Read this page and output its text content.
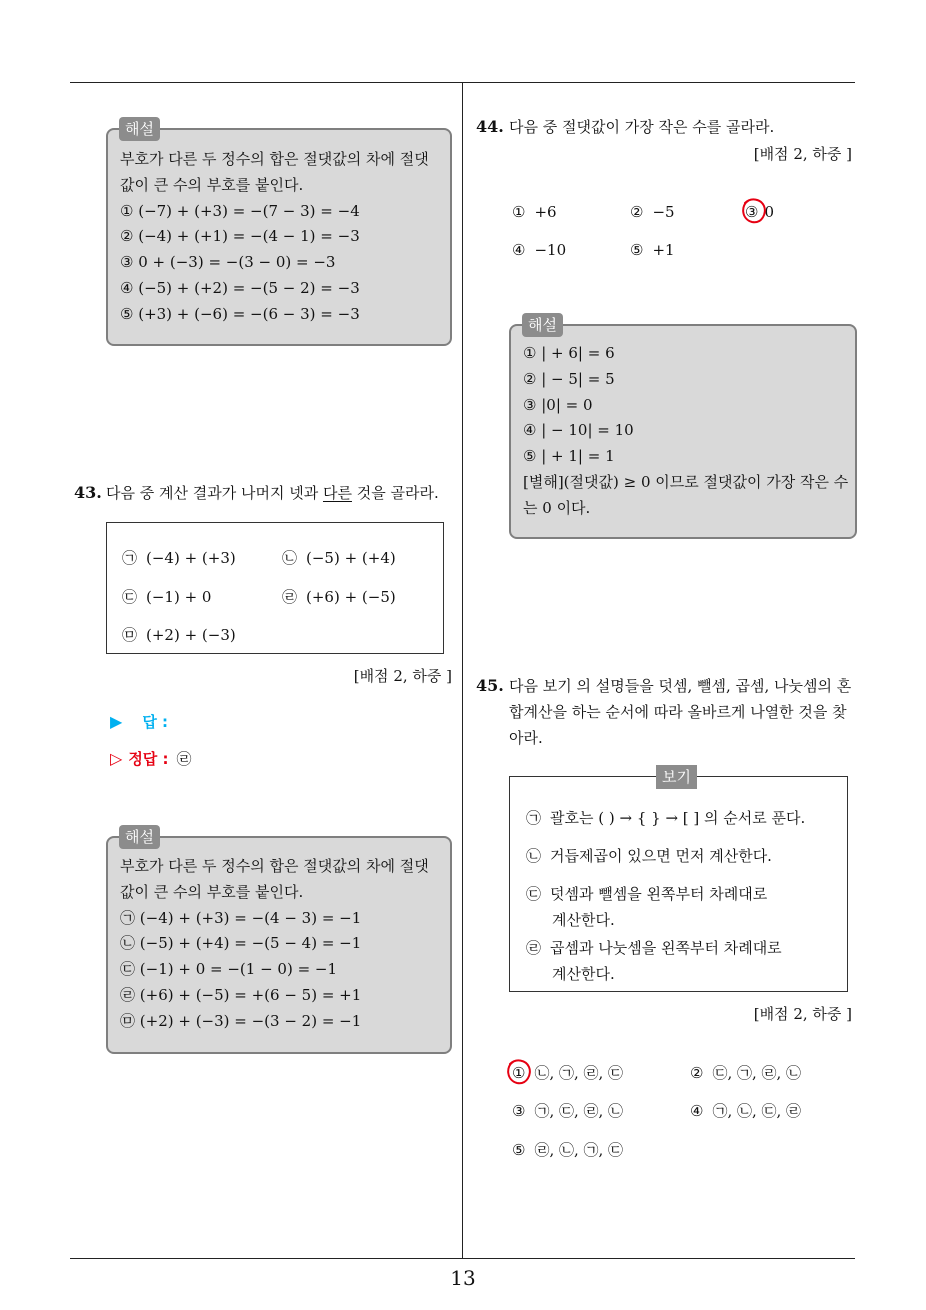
13
해설
부호가 다른 두 정수의 합은 절댓값의 차에 절댓
값이 큰 수의 부호를 붙인다.
① (−7) + (+3) = −(7 − 3) = −4
② (−4) + (+1) = −(4 − 1) = −3
③ 0 + (−3) = −(3 − 0) = −3
④ (−5) + (+2) = −(5 − 2) = −3
⑤ (+3) + (−6) = −(6 − 3) = −3
43. 다음 중 계산 결과가 나머지 넷과 다른 것을 골라라.
㉠ (−4) + (+3)	㉡ (−5) + (+4)
㉢ (−1) + 0	㉣ (+6) + (−5)
㉤ (+2) + (−3)
[배점 2, 하중 ]
▶ 답 :
▷ 정답 : ㉣
해설
부호가 다른 두 정수의 합은 절댓값의 차에 절댓
값이 큰 수의 부호를 붙인다.
㉠ (−4) + (+3) = −(4 − 3) = −1
㉡ (−5) + (+4) = −(5 − 4) = −1
㉢ (−1) + 0 = −(1 − 0) = −1
㉣ (+6) + (−5) = +(6 − 5) = +1
㉤ (+2) + (−3) = −(3 − 2) = −1
44. 다음 중 절댓값이 가장 작은 수를 골라라.
[배점 2, 하중 ]
① +6	② −5	③ 0
④ −10	⑤ +1
해설
① | + 6| = 6
② | − 5| = 5
③ |0| = 0
④ | − 10| = 10
⑤ | + 1| = 1
[별해](절댓값) ≥ 0 이므로 절댓값이 가장 작은 수
는 0 이다.
45. 다음 보기 의 설명들을 덧셈, 뺄셈, 곱셈, 나눗셈의 혼
합계산을 하는 순서에 따라 올바르게 나열한 것을 찾
아라.
보기
㉠ 괄호는 ( ) → { } → [ ] 의 순서로 푼다.
㉡ 거듭제곱이 있으면 먼저 계산한다.
㉢ 덧셈과 뺄셈을 왼쪽부터 차례대로
계산한다.
㉣ 곱셈과 나눗셈을 왼쪽부터 차례대로
계산한다.
[배점 2, 하중 ]
① ㉡, ㉠, ㉣, ㉢	② ㉢, ㉠, ㉣, ㉡
③ ㉠, ㉢, ㉣, ㉡	④ ㉠, ㉡, ㉢, ㉣
⑤ ㉣, ㉡, ㉠, ㉢
